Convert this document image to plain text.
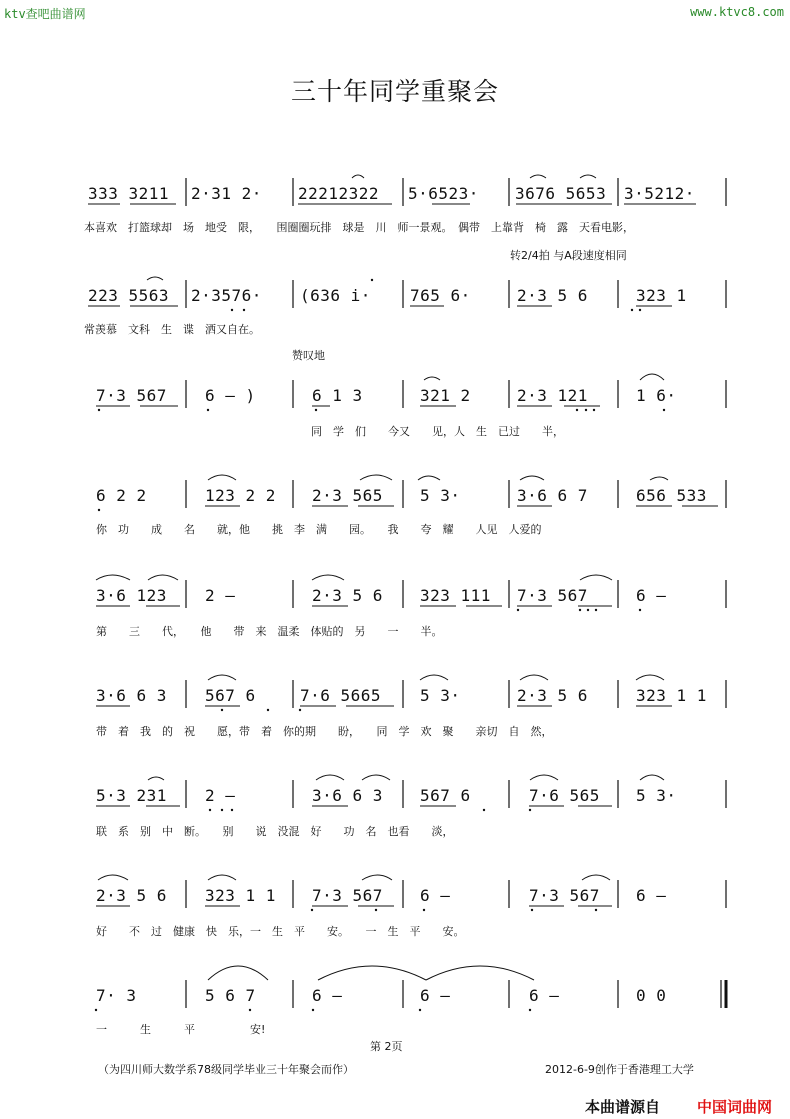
ktv查吧曲谱网	www.ktvc8.com
三十年同学重聚会
333 3211 2·31 2· 22212322 5·6523· 3676 5653 3·5212·
本喜欢　打篮球却　场　地受　限，　　围圈圈玩排　球是　川　师一景观。　偶带　上靠背　椅　露　天看电影，
转2/4拍 与A段速度相同
223 5563 2·3576· (636 i· 765 6·	2·3 5 6	323 1
常羡慕　文科　生　谍　洒又自在。
赞叹地
7·3 567 6 — )	6 1 3	321 2	2·3 121	1 6·
同　学　们　　今又　　见，人　生　已过　　半，
6 2 2	123 2 2 2·3 565 5 3·	3·6 6 7	656 533
你　功　　成　　名　　就，他　　挑　李　满　　园。　　我　　夸　耀　　人见　人爱的
3·6 123 2 —	2·3 5 6 323 111 7·3 567	6 —
第　　三　　代，　　他　　带　来　温柔　体贴的　另　　一　　半。
3·6 6 3 567 6	7·6 5665 5 3·	2·3 5 6	323 1 1
带　着　我　的　祝　　愿，带　着　你的期　　盼，　　同　学　欢　聚　　亲切　自　然，
5·3 231 2 —	3·6 6 3 567 6	7·6 565 5 3·
联　系　别　中　断。　　别　　说　没混　好　　功　名　也看　　淡，
2·3 5 6 323 1 1 7·3 567 6 —	7·3 567 6 —
好　　不　过　健康　快　乐，一　生　平　　安。　　一　生　平　　安。
7· 3	5 6 7	6 —	6 —	6 —	0 0
一　　　生　　　平　　　　　安!
第 2页
（为四川师大数学系78级同学毕业三十年聚会而作）	2012-6-9创作于香港理工大学
本曲谱源自 中国词曲网
